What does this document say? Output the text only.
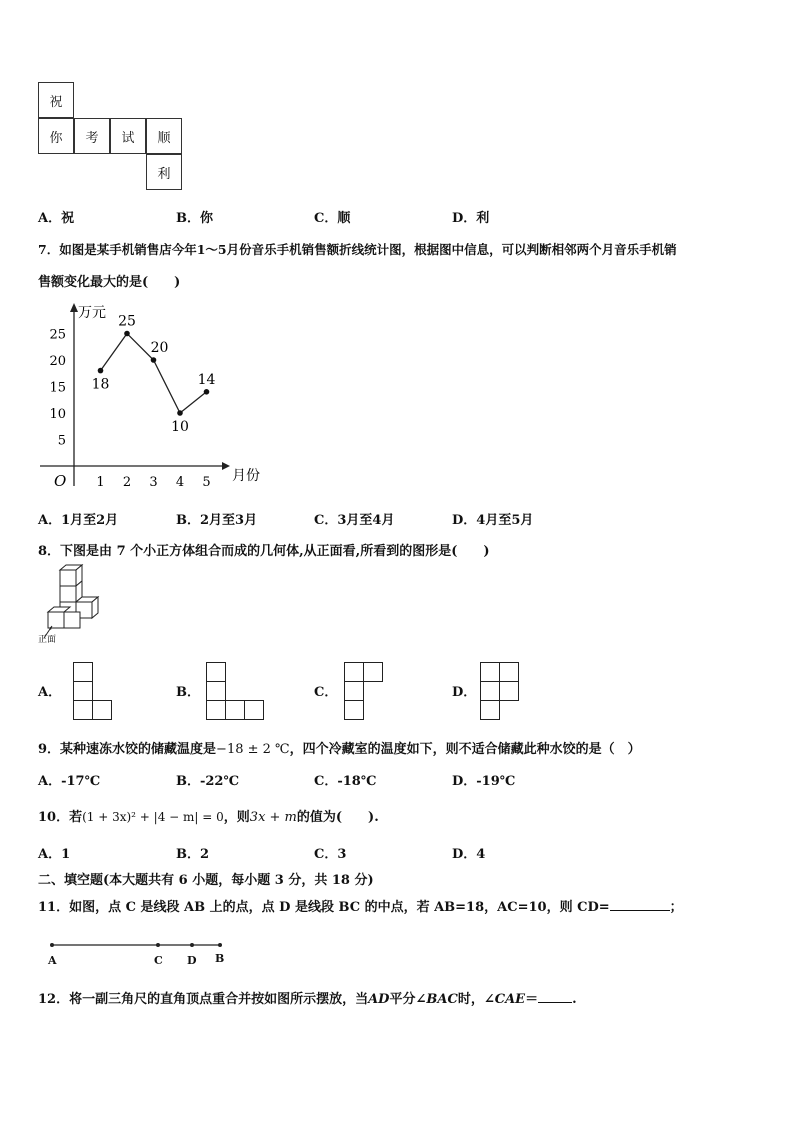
祝
你	考	试	顺
利
A．祝	B．你	C．顺	D．利
7．如图是某手机销售店今年1～5月份音乐手机销售额折线统计图，根据图中信息，可以判断相邻两个月音乐手机销
售额变化最大的是(　　)
万元
月份
O
5
10
15
20
25
1 2 3 4 5
18
25
20
10
14
A．1月至2月	B．2月至3月	C．3月至4月	D．4月至5月
8．下图是由 7 个小正方体组合而成的几何体,从正面看,所看到的图形是(　　)
正面
A．	B．	C．	D．
9．某种速冻水饺的储藏温度是−18 ± 2 ℃，四个冷藏室的温度如下，则不适合储藏此种水饺的是（　）
A．-17℃	B．-22℃	C．-18℃	D．-19℃
10．若(1 + 3x)² + |4 − m| = 0，则3x + m的值为(　　).
A．1	B．2	C．3	D．4
二、填空题(本大题共有 6 小题，每小题 3 分，共 18 分)
11．如图，点 C 是线段 AB 上的点，点 D 是线段 BC 的中点，若 AB=18，AC=10，则 CD=	；
A	C D B
12．将一副三角尺的直角顶点重合并按如图所示摆放，当AD平分∠BAC时，∠CAE＝	.
